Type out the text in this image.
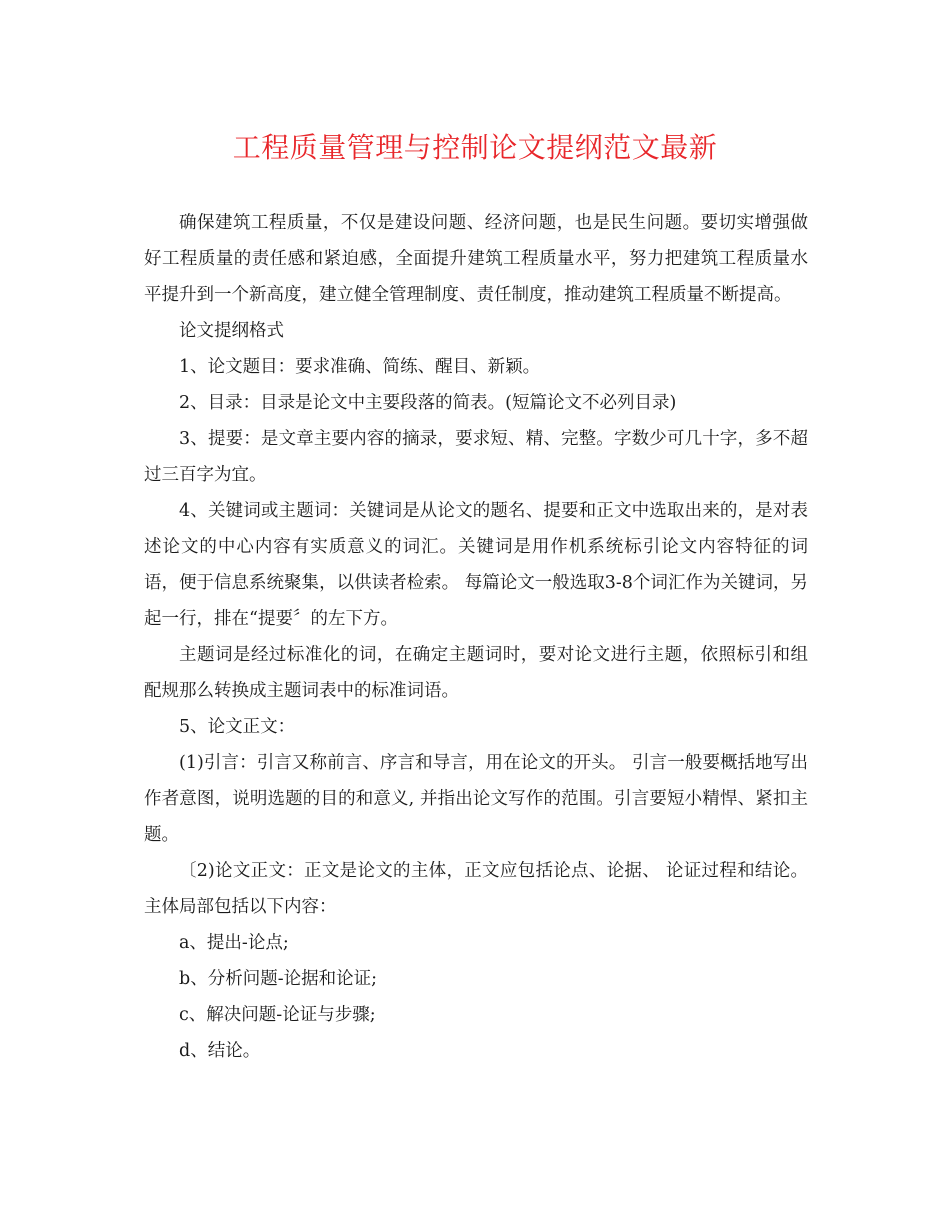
工程质量管理与控制论文提纲范文最新

确保建筑工程质量，不仅是建设问题、经济问题，也是民生问题。要切实增强做好工程质量的责任感和紧迫感，全面提升建筑工程质量水平，努力把建筑工程质量水平提升到一个新高度，建立健全管理制度、责任制度，推动建筑工程质量不断提高。

论文提纲格式

1、论文题目：要求准确、简练、醒目、新颖。

2、目录：目录是论文中主要段落的简表。(短篇论文不必列目录)

3、提要：是文章主要内容的摘录，要求短、精、完整。字数少可几十字，多不超过三百字为宜。

4、关键词或主题词：关键词是从论文的题名、提要和正文中选取出来的，是对表述论文的中心内容有实质意义的词汇。关键词是用作机系统标引论文内容特征的词语，便于信息系统聚集，以供读者检索。 每篇论文一般选取3-8个词汇作为关键词，另起一行，排在“提要〞的左下方。

主题词是经过标准化的词，在确定主题词时，要对论文进行主题，依照标引和组配规那么转换成主题词表中的标准词语。

5、论文正文：

(1)引言：引言又称前言、序言和导言，用在论文的开头。 引言一般要概括地写出作者意图，说明选题的目的和意义, 并指出论文写作的范围。引言要短小精悍、紧扣主题。

〔2)论文正文：正文是论文的主体，正文应包括论点、论据、 论证过程和结论。主体局部包括以下内容：

a、提出-论点;

b、分析问题-论据和论证;

c、解决问题-论证与步骤;

d、结论。
